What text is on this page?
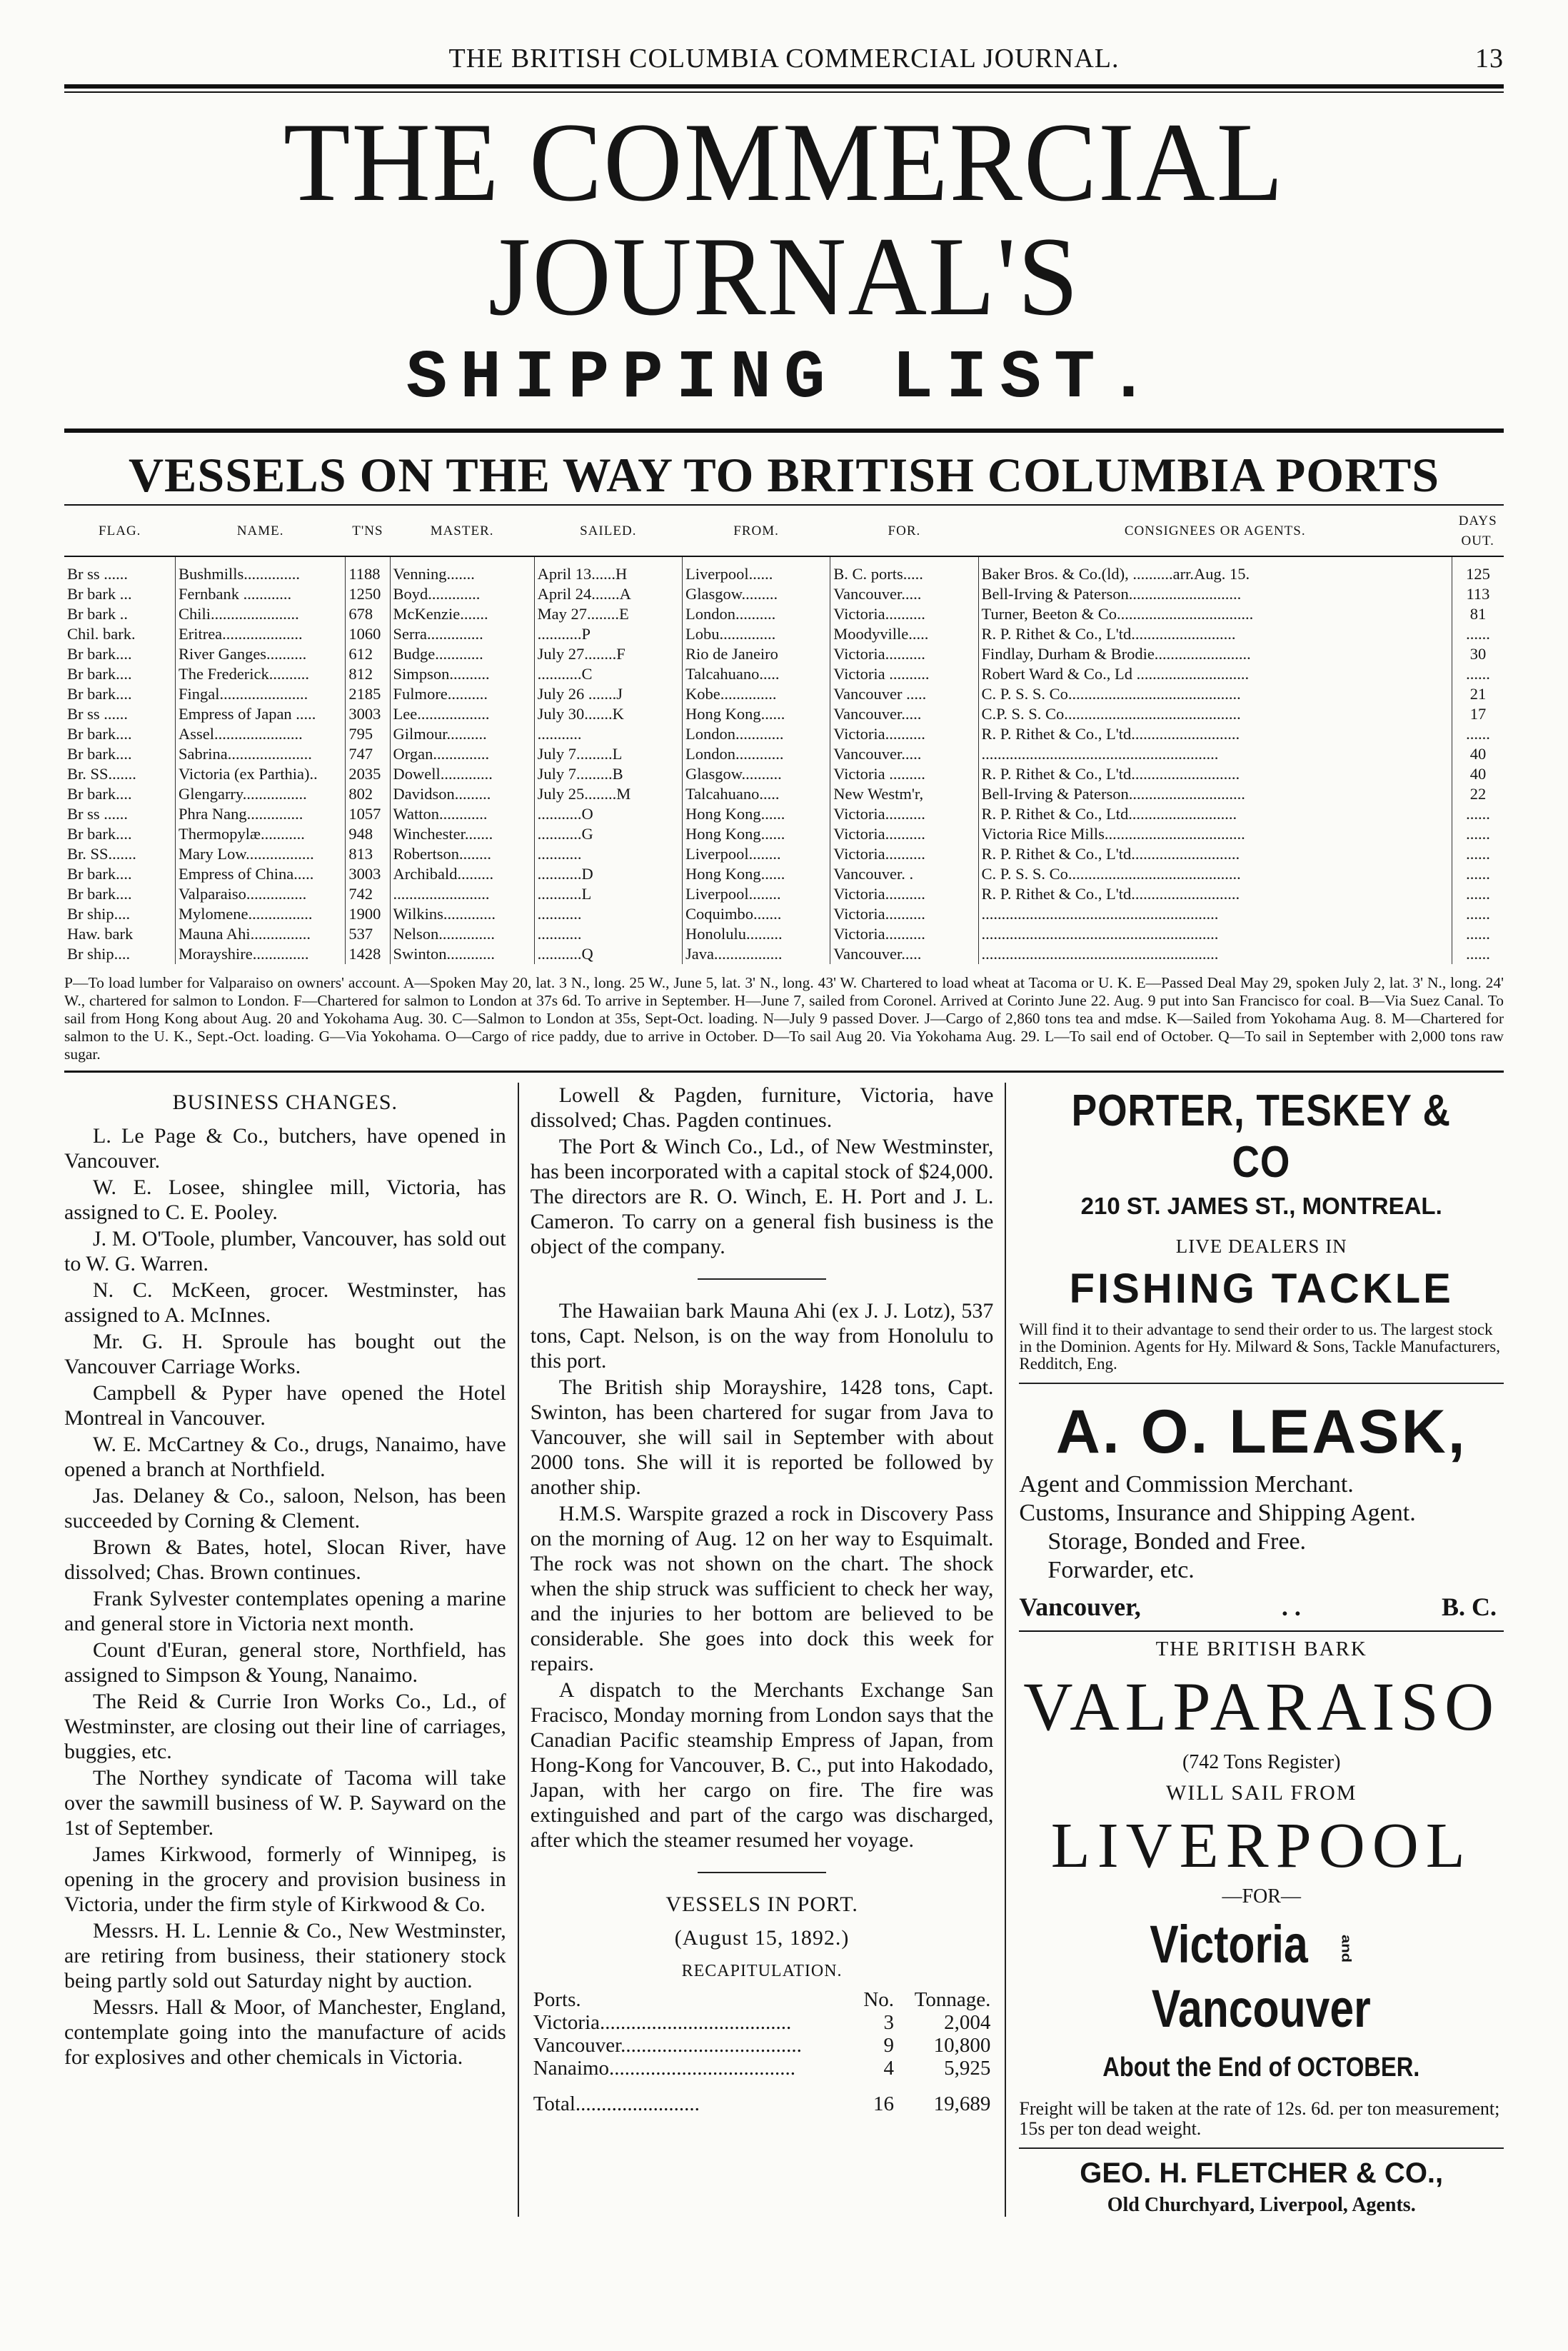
THE BRITISH COLUMBIA COMMERCIAL JOURNAL.	13
THE COMMERCIAL JOURNAL'S
SHIPPING LIST.
VESSELS ON THE WAY TO BRITISH COLUMBIA PORTS
FLAG.	NAME.	T'NS	MASTER.	SAILED.	FROM.	FOR.	CONSIGNEES OR AGENTS.	DAYS OUT.

Br ss ......	Bushmills..............	1188	Venning.......	April 13......H	Liverpool......	B. C. ports.....	Baker Bros. & Co.(ld), ..........arr.Aug. 15.	125
Br bark ...	Fernbank ............	1250	Boyd.............	April 24.......A	Glasgow.........	Vancouver.....	Bell-Irving & Paterson............................	113
Br bark ..	Chili......................	678	McKenzie.......	May 27........E	London..........	Victoria..........	Turner, Beeton & Co..................................	81
Chil. bark.	Eritrea....................	1060	Serra..............	...........P	Lobu..............	Moodyville.....	R. P. Rithet & Co., L'td..........................	......
Br bark....	River Ganges..........	612	Budge............	July 27........F	Rio de Janeiro	Victoria..........	Findlay, Durham & Brodie........................	30
Br bark....	The Frederick..........	812	Simpson..........	...........C	Talcahuano.....	Victoria ..........	Robert Ward & Co., Ld ............................	......
Br bark....	Fingal......................	2185	Fulmore..........	July 26 .......J	Kobe..............	Vancouver .....	C. P. S. S. Co...........................................	21
Br ss ......	Empress of Japan .....	3003	Lee..................	July 30.......K	Hong Kong......	Vancouver.....	C.P. S. S. Co............................................	17
Br bark....	Assel......................	795	Gilmour..........	...........	London............	Victoria..........	R. P. Rithet & Co., L'td...........................	......
Br bark....	Sabrina.....................	747	Organ..............	July 7.........L	London............	Vancouver.....	...........................................................	40
Br. SS.......	Victoria (ex Parthia)..	2035	Dowell.............	July 7.........B	Glasgow..........	Victoria .........	R. P. Rithet & Co., L'td...........................	40
Br bark....	Glengarry................	802	Davidson.........	July 25........M	Talcahuano.....	New Westm'r,	Bell-Irving & Paterson.............................	22
Br ss ......	Phra Nang..............	1057	Watton............	...........O	Hong Kong......	Victoria..........	R. P. Rithet & Co., Ltd...........................	......
Br bark....	Thermopylæ...........	948	Winchester.......	...........G	Hong Kong......	Victoria..........	Victoria Rice Mills...................................	......
Br. SS.......	Mary Low.................	813	Robertson........	...........	Liverpool........	Victoria..........	R. P. Rithet & Co., L'td...........................	......
Br bark....	Empress of China.....	3003	Archibald.........	...........D	Hong Kong......	Vancouver. .	C. P. S. S. Co...........................................	......
Br bark....	Valparaiso...............	742	........................	...........L	Liverpool........	Victoria..........	R. P. Rithet & Co., L'td...........................	......
Br ship....	Mylomene................	1900	Wilkins.............	...........	Coquimbo.......	Victoria..........	...........................................................	......
Haw. bark	Mauna Ahi...............	537	Nelson..............	...........	Honolulu.........	Victoria..........	...........................................................	......
Br ship....	Morayshire..............	1428	Swinton............	...........Q	Java.................	Vancouver.....	...........................................................	......
P—To load lumber for Valparaiso on owners' account. A—Spoken May 20, lat. 3 N., long. 25 W., June 5, lat. 3' N., long. 43' W. Chartered to load wheat at Tacoma or U. K. E—Passed Deal May 29, spoken July 2, lat. 3' N., long. 24' W., chartered for salmon to London. F—Chartered for salmon to London at 37s 6d. To arrive in September. H—June 7, sailed from Coronel. Arrived at Corinto June 22. Aug. 9 put into San Francisco for coal. B—Via Suez Canal. To sail from Hong Kong about Aug. 20 and Yokohama Aug. 30. C—Salmon to London at 35s, Sept-Oct. loading. N—July 9 passed Dover. J—Cargo of 2,860 tons tea and mdse. K—Sailed from Yokohama Aug. 8. M—Chartered for salmon to the U. K., Sept.-Oct. loading. G—Via Yokohama. O—Cargo of rice paddy, due to arrive in October. D—To sail Aug 20. Via Yokohama Aug. 29. L—To sail end of October. Q—To sail in September with 2,000 tons raw sugar.
BUSINESS CHANGES.

L. Le Page & Co., butchers, have opened in Vancouver.

W. E. Losee, shinglee mill, Victoria, has assigned to C. E. Pooley.

J. M. O'Toole, plumber, Vancouver, has sold out to W. G. Warren.

N. C. McKeen, grocer. Westminster, has assigned to A. McInnes.

Mr. G. H. Sproule has bought out the Vancouver Carriage Works.

Campbell & Pyper have opened the Hotel Montreal in Vancouver.

W. E. McCartney & Co., drugs, Nanaimo, have opened a branch at Northfield.

Jas. Delaney & Co., saloon, Nelson, has been succeeded by Corning & Clement.

Brown & Bates, hotel, Slocan River, have dissolved; Chas. Brown continues.

Frank Sylvester contemplates opening a marine and general store in Victoria next month.

Count d'Euran, general store, Northfield, has assigned to Simpson & Young, Nanaimo.

The Reid & Currie Iron Works Co., Ld., of Westminster, are closing out their line of carriages, buggies, etc.

The Northey syndicate of Tacoma will take over the sawmill business of W. P. Sayward on the 1st of September.

James Kirkwood, formerly of Winnipeg, is opening in the grocery and provision business in Victoria, under the firm style of Kirkwood & Co.

Messrs. H. L. Lennie & Co., New Westminster, are retiring from business, their stationery stock being partly sold out Saturday night by auction.

Messrs. Hall & Moor, of Manchester, England, contemplate going into the manufacture of acids for explosives and other chemicals in Victoria.

Lowell & Pagden, furniture, Victoria, have dissolved; Chas. Pagden continues.

The Port & Winch Co., Ld., of New Westminster, has been incorporated with a capital stock of $24,000. The directors are R. O. Winch, E. H. Port and J. L. Cameron. To carry on a general fish business is the object of the company.

The Hawaiian bark Mauna Ahi (ex J. J. Lotz), 537 tons, Capt. Nelson, is on the way from Honolulu to this port.

The British ship Morayshire, 1428 tons, Capt. Swinton, has been chartered for sugar from Java to Vancouver, she will sail in September with about 2000 tons. She will it is reported be followed by another ship.

H.M.S. Warspite grazed a rock in Discovery Pass on the morning of Aug. 12 on her way to Esquimalt. The rock was not shown on the chart. The shock when the ship struck was sufficient to check her way, and the injuries to her bottom are believed to be considerable. She goes into dock this week for repairs.

A dispatch to the Merchants Exchange San Fracisco, Monday morning from London says that the Canadian Pacific steamship Empress of Japan, from Hong-Kong for Vancouver, B. C., put into Hakodado, Japan, with her cargo on fire. The fire was extinguished and part of the cargo was discharged, after which the steamer resumed her voyage.

VESSELS IN PORT.
(August 15, 1892.)
RECAPITULATION.
Ports.	No.	Tonnage.
Victoria.....................................	3	2,004
Vancouver...................................	9	10,800
Nanaimo....................................	4	5,925

Total........................	16	19,689
PORTER, TESKEY & CO
210 ST. JAMES ST., MONTREAL.
LIVE DEALERS IN
FISHING TACKLE
Will find it to their advantage to send their order to us. The largest stock in the Dominion. Agents for Hy. Milward & Sons, Tackle Manufacturers, Redditch, Eng.
A. O. LEASK,
Agent and Commission Merchant.
Customs, Insurance and Shipping Agent.
Storage, Bonded and Free.
Forwarder, etc.
Vancouver,	. .	B. C.
THE BRITISH BARK
VALPARAISO
(742 Tons Register)
WILL SAIL FROM
LIVERPOOL
—FOR—
Victoria and Vancouver
About the End of OCTOBER.
Freight will be taken at the rate of 12s. 6d. per ton measurement; 15s per ton dead weight.
GEO. H. FLETCHER & CO.,
Old Churchyard, Liverpool, Agents.
